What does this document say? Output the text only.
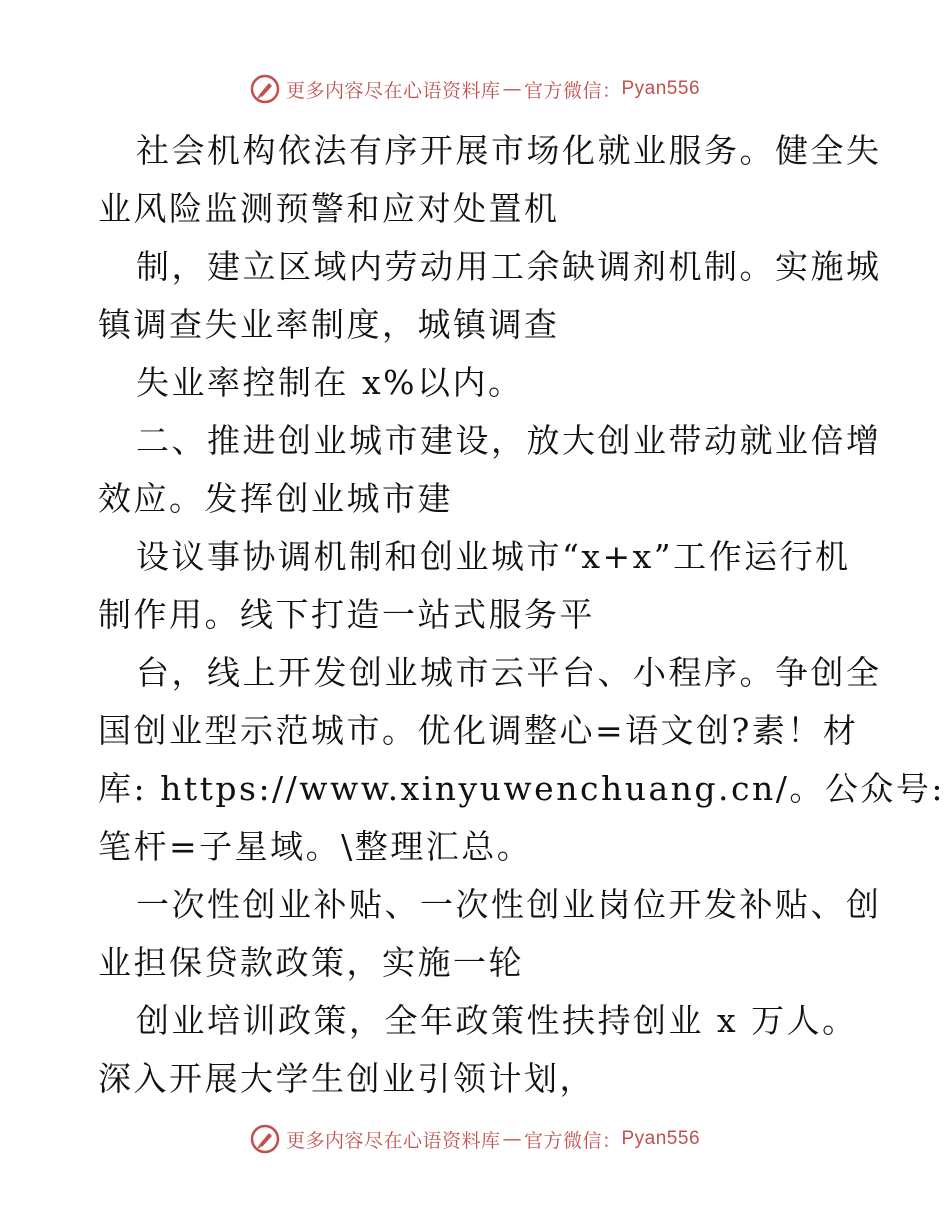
更多内容尽在心语资料库 — 官方微信： Pyan556
社会机构依法有序开展市场化就业服务。健全失
业风险监测预警和应对处置机
制，建立区域内劳动用工余缺调剂机制。实施城
镇调查失业率制度，城镇调查
失业率控制在 x%以内。
二、推进创业城市建设，放大创业带动就业倍增
效应。发挥创业城市建
设议事协调机制和创业城市“x+x”工作运行机
制作用。线下打造一站式服务平
台，线上开发创业城市云平台、小程序。争创全
国创业型示范城市。优化调整心=语文创?素！材
库: https://www.xinyuwenchuang.cn/。公众号:
笔杆=子星域。\整理汇总。
一次性创业补贴、一次性创业岗位开发补贴、创
业担保贷款政策，实施一轮
创业培训政策，全年政策性扶持创业 x 万人。
深入开展大学生创业引领计划，
更多内容尽在心语资料库 — 官方微信： Pyan556
